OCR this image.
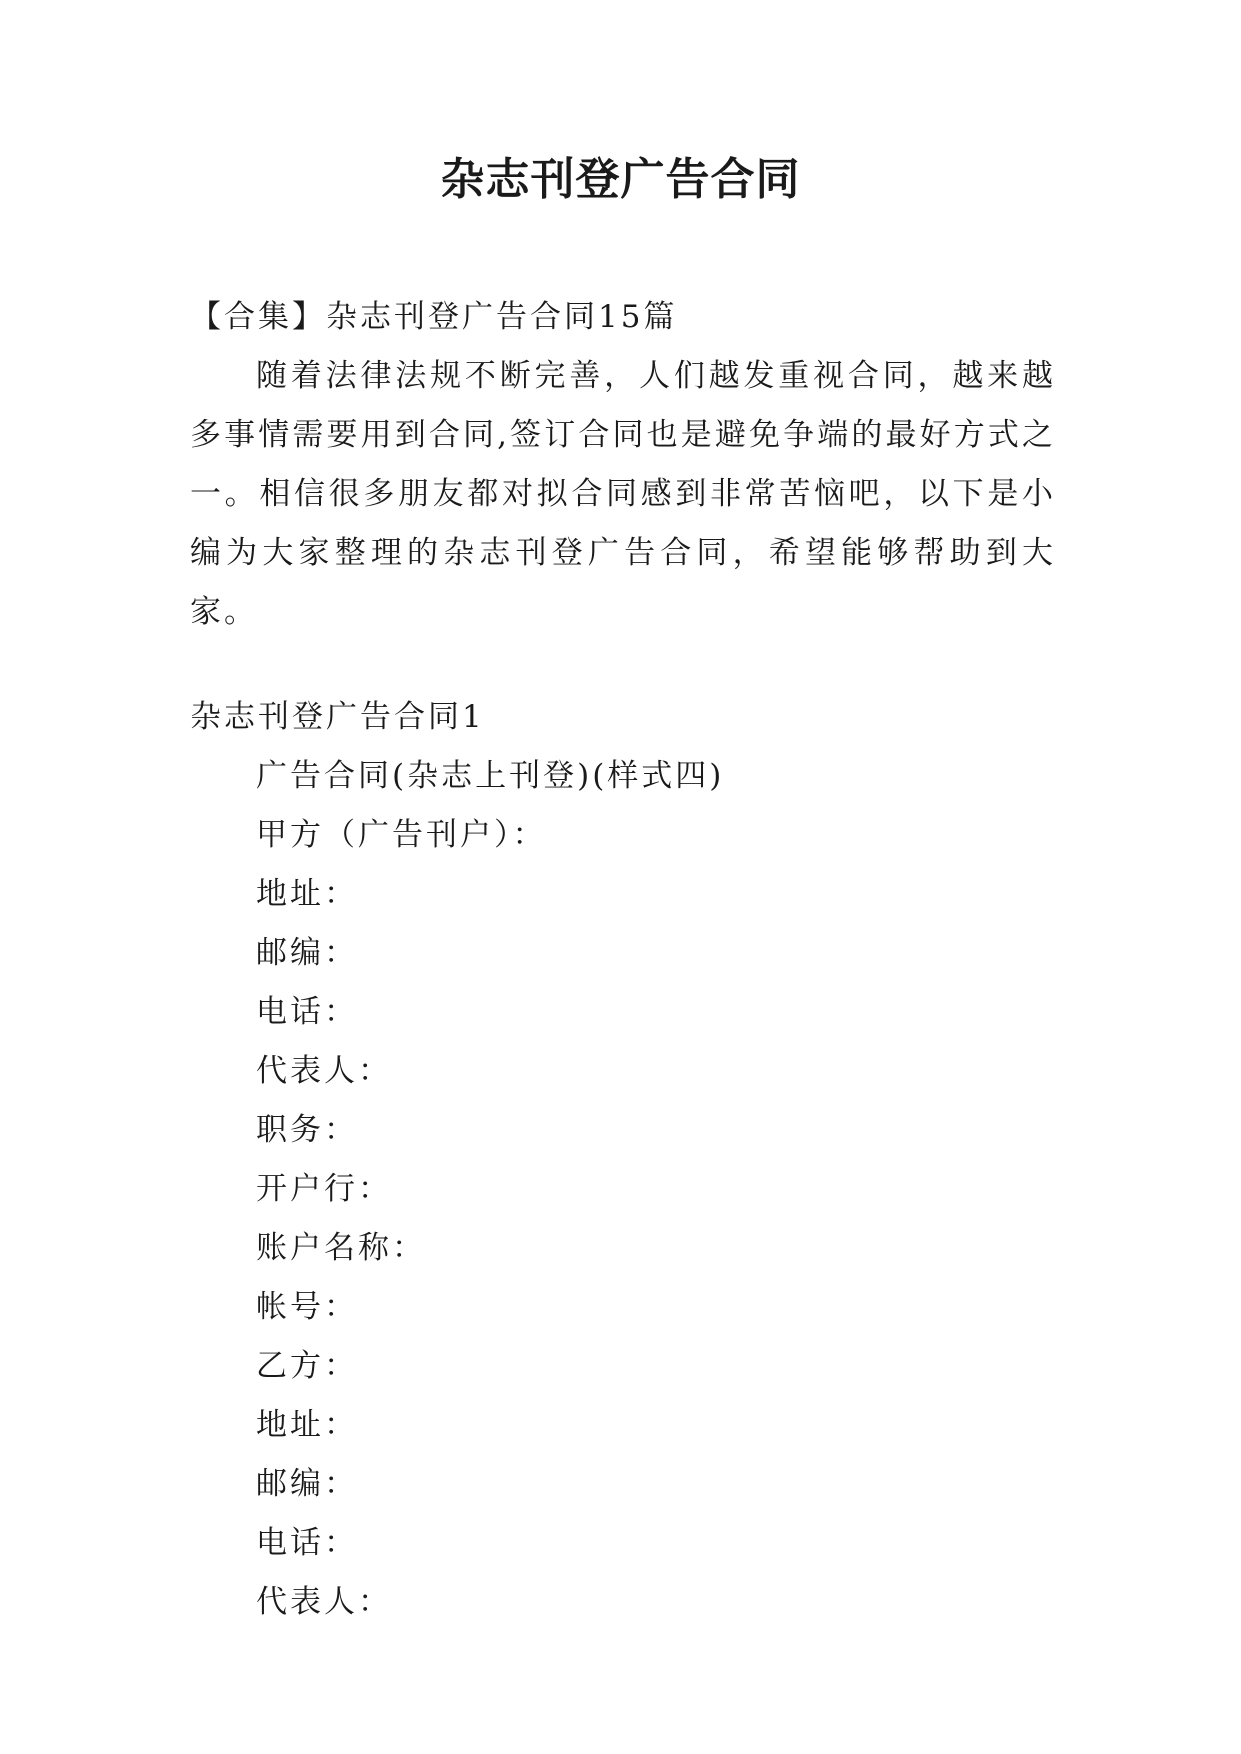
杂志刊登广告合同
【合集】杂志刊登广告合同15篇
随着法律法规不断完善，人们越发重视合同，越来越多事情需要用到合同,签订合同也是避免争端的最好方式之一。相信很多朋友都对拟合同感到非常苦恼吧，以下是小编为大家整理的杂志刊登广告合同，希望能够帮助到大家。
杂志刊登广告合同1
广告合同(杂志上刊登)(样式四)
甲方（广告刊户）：
地址：
邮编：
电话：
代表人：
职务：
开户行：
账户名称：
帐号：
乙方：
地址：
邮编：
电话：
代表人：
